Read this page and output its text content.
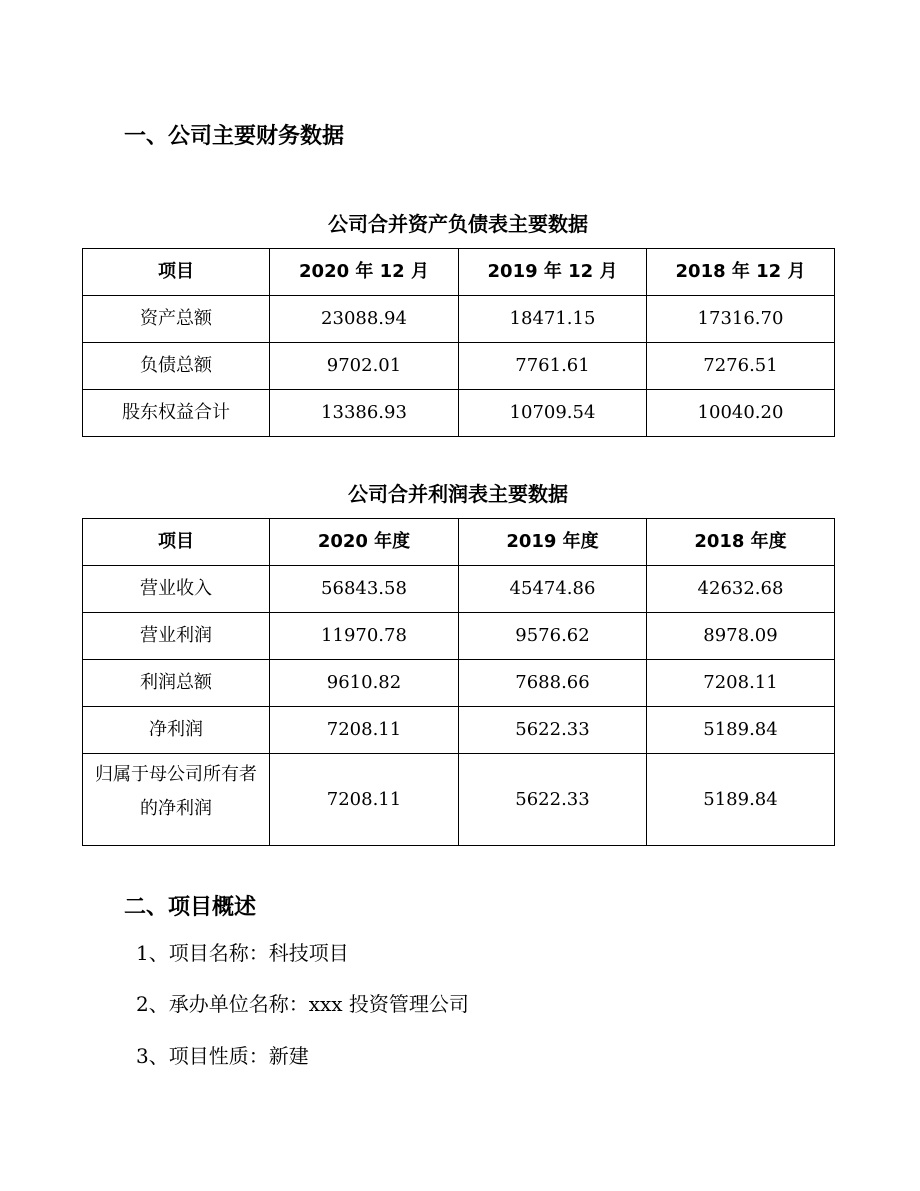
一、公司主要财务数据
公司合并资产负债表主要数据
项目	2020 年 12 月	2019 年 12 月	2018 年 12 月
资产总额	23088.94	18471.15	17316.70
负债总额	9702.01	7761.61	7276.51
股东权益合计	13386.93	10709.54	10040.20
公司合并利润表主要数据
项目	2020 年度	2019 年度	2018 年度
营业收入	56843.58	45474.86	42632.68
营业利润	11970.78	9576.62	8978.09
利润总额	9610.82	7688.66	7208.11
净利润	7208.11	5622.33	5189.84
归属于母公司所有者的净利润	7208.11	5622.33	5189.84
二、项目概述

1、项目名称：科技项目

2、承办单位名称：xxx 投资管理公司

3、项目性质：新建
